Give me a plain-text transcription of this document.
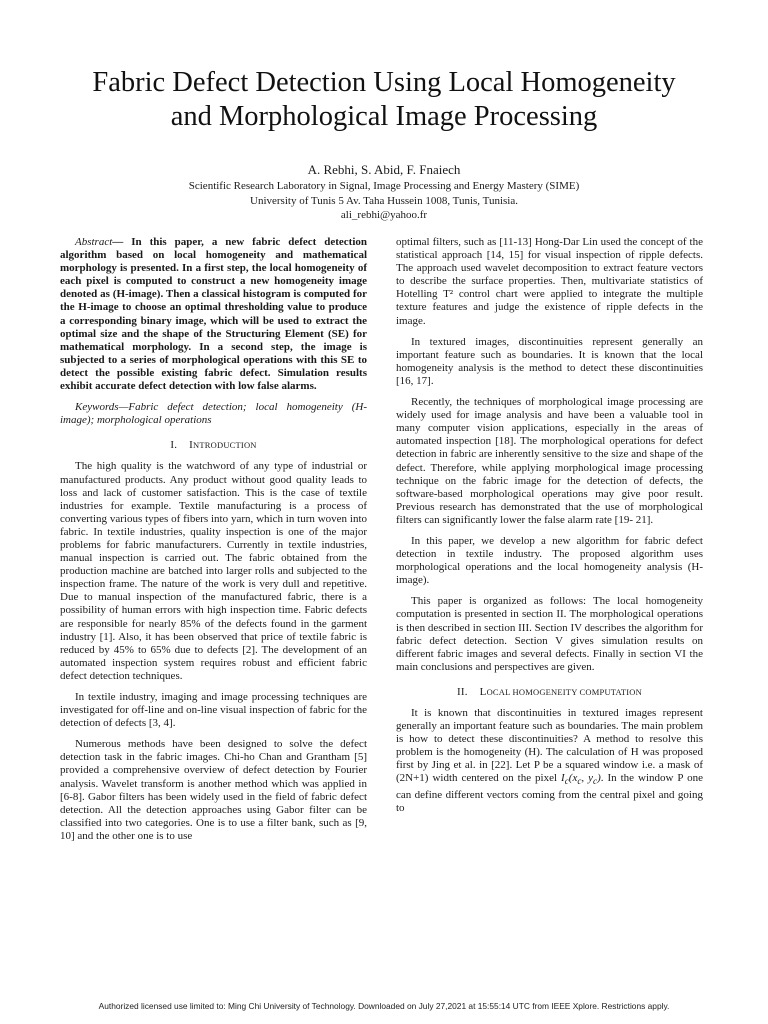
Fabric Defect Detection Using Local Homogeneity
and Morphological Image Processing
A. Rebhi, S. Abid, F. Fnaiech
Scientific Research Laboratory in Signal, Image Processing and Energy Mastery (SIME)
University of Tunis 5 Av. Taha Hussein 1008, Tunis, Tunisia.
ali_rebhi@yahoo.fr

Abstract— In this paper, a new fabric defect detection algorithm based on local homogeneity and mathematical morphology is presented. In a first step, the local homogeneity of each pixel is computed to construct a new homogeneity image denoted as (H-image). Then a classical histogram is computed for the H-image to choose an optimal thresholding value to produce a corresponding binary image, which will be used to extract the optimal size and the shape of the Structuring Element (SE) for mathematical morphology. In a second step, the image is subjected to a series of morphological operations with this SE to detect the possible existing fabric defect. Simulation results exhibit accurate defect detection with low false alarms.

Keywords—Fabric defect detection; local homogeneity (H-image); morphological operations

I. INTRODUCTION

The high quality is the watchword of any type of industrial or manufactured products. Any product without good quality leads to loss and lack of customer satisfaction. This is the case of textile industries for example. Textile manufacturing is a process of converting various types of fibers into yarn, which in turn woven into fabric. In textile industries, quality inspection is one of the major problems for fabric manufacturers. Currently in textile industries, manual inspection is carried out. The fabric obtained from the production machine are batched into larger rolls and subjected to the inspection frame. The nature of the work is very dull and repetitive. Due to manual inspection of the manufactured fabric, there is a possibility of human errors with high inspection time. Fabric defects are responsible for nearly 85% of the defects found in the garment industry [1]. Also, it has been observed that price of textile fabric is reduced by 45% to 65% due to defects [2]. The development of an automated inspection system requires robust and efficient fabric defect detection techniques.

In textile industry, imaging and image processing techniques are investigated for off-line and on-line visual inspection of fabric for the detection of defects [3, 4].

Numerous methods have been designed to solve the defect detection task in the fabric images. Chi-ho Chan and Grantham [5] provided a comprehensive overview of defect detection by Fourier analysis. Wavelet transform is another method which was applied in [6-8]. Gabor filters has been widely used in the field of fabric defect detection. All the detection approaches using Gabor filter can be classified into two categories. One is to use a filter bank, such as [9, 10] and the other one is to use

optimal filters, such as [11-13] Hong-Dar Lin used the concept of the statistical approach [14, 15] for visual inspection of ripple defects. The approach used wavelet decomposition to extract feature vectors to describe the surface properties. Then, multivariate statistics of Hotelling T² control chart were applied to integrate the multiple texture features and judge the existence of ripple defects in the image.

In textured images, discontinuities represent generally an important feature such as boundaries. It is known that the local homogeneity analysis is the method to detect these discontinuities [16, 17].

Recently, the techniques of morphological image processing are widely used for image analysis and have been a valuable tool in many computer vision applications, especially in the areas of automated inspection [18]. The morphological operations for defect detection in fabric are inherently sensitive to the size and shape of the defect. Therefore, while applying morphological image processing technique on the fabric image for the detection of defects, the software-based morphological operations may give poor result. Previous research has demonstrated that the use of morphological filters can significantly lower the false alarm rate [19- 21].

In this paper, we develop a new algorithm for fabric defect detection in textile industry. The proposed algorithm uses morphological operations and the local homogeneity analysis (H-image).

This paper is organized as follows: The local homogeneity computation is presented in section II. The morphological operations is then described in section III. Section IV describes the algorithm for fabric defect detection. Section V gives simulation results on different fabric images and several defects. Finally in section VI the main conclusions and perspectives are given.

II. LOCAL HOMOGENEITY COMPUTATION

It is known that discontinuities in textured images represent generally an important feature such as boundaries. The main problem is how to detect these discontinuities? A method to resolve this problem is the homogeneity (H). The calculation of H was proposed first by Jing et al. in [22]. Let P be a squared window i.e. a mask of (2N+1) width centered on the pixel $I_c(x_c$, $y_c$). In the window P one can define different vectors coming from the central pixel and going to

Authorized licensed use limited to: Ming Chi University of Technology. Downloaded on July 27,2021 at 15:55:14 UTC from IEEE Xplore. Restrictions apply.
